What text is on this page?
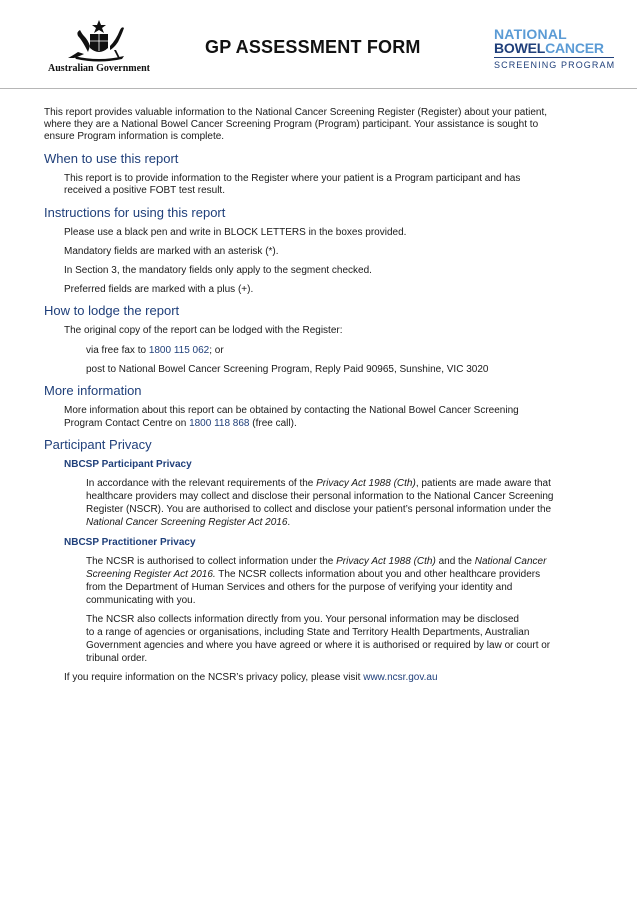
Australian Government
GP ASSESSMENT FORM
NATIONAL
BOWELCANCER
SCREENING PROGRAM
This report provides valuable information to the National Cancer Screening Register (Register) about your patient,
where they are a National Bowel Cancer Screening Program (Program) participant. Your assistance is sought to
ensure Program information is complete.
When to use this report
This report is to provide information to the Register where your patient is a Program participant and has
received a positive FOBT test result.
Instructions for using this report
Please use a black pen and write in BLOCK LETTERS in the boxes provided.
Mandatory fields are marked with an asterisk (*).
In Section 3, the mandatory fields only apply to the segment checked.
Preferred fields are marked with a plus (+).
How to lodge the report
The original copy of the report can be lodged with the Register:
via free fax to 1800 115 062; or
post to National Bowel Cancer Screening Program, Reply Paid 90965, Sunshine, VIC 3020
More information
More information about this report can be obtained by contacting the National Bowel Cancer Screening
Program Contact Centre on 1800 118 868 (free call).
Participant Privacy
NBCSP Participant Privacy
In accordance with the relevant requirements of the Privacy Act 1988 (Cth), patients are made aware that
healthcare providers may collect and disclose their personal information to the National Cancer Screening
Register (NSCR). You are authorised to collect and disclose your patient’s personal information under the
National Cancer Screening Register Act 2016.
NBCSP Practitioner Privacy
The NCSR is authorised to collect information under the Privacy Act 1988 (Cth) and the National Cancer
Screening Register Act 2016. The NCSR collects information about you and other healthcare providers
from the Department of Human Services and others for the purpose of verifying your identity and
communicating with you.
The NCSR also collects information directly from you. Your personal information may be disclosed
to a range of agencies or organisations, including State and Territory Health Departments, Australian
Government agencies and where you have agreed or where it is authorised or required by law or court or
tribunal order.
If you require information on the NCSR’s privacy policy, please visit www.ncsr.gov.au
